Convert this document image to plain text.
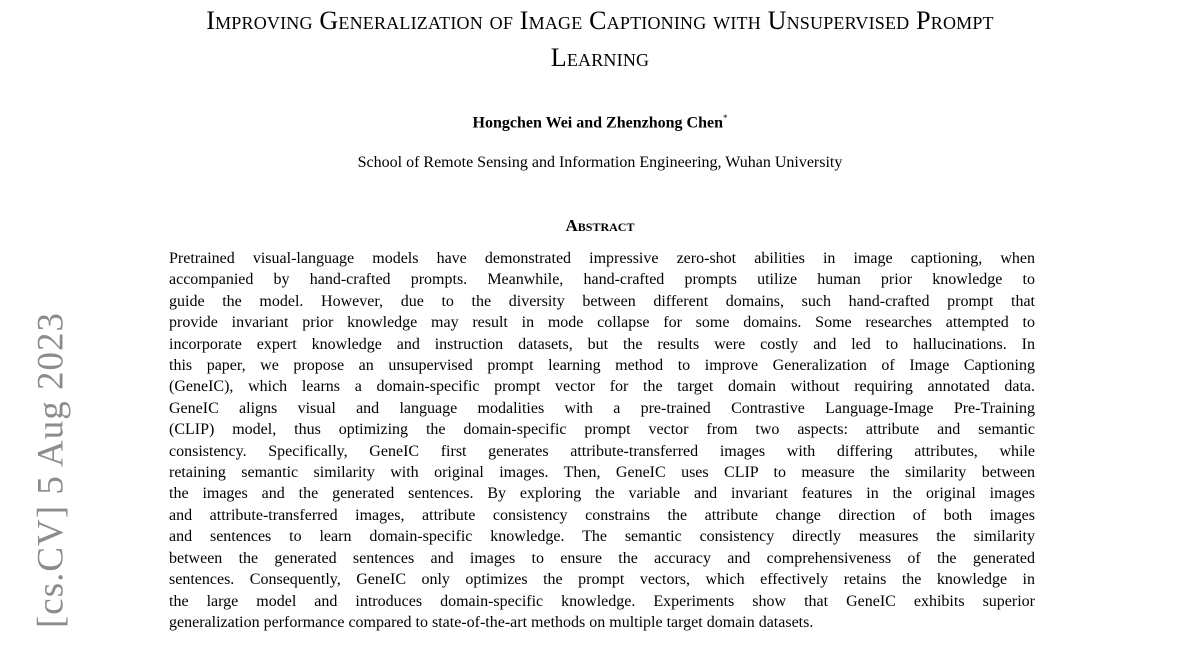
Improving Generalization of Image Captioning with Unsupervised Prompt
Learning
Hongchen Wei and Zhenzhong Chen*
School of Remote Sensing and Information Engineering, Wuhan University
Abstract
Pretrained visual-language models have demonstrated impressive zero-shot abilities in image captioning, when
accompanied by hand-crafted prompts. Meanwhile, hand-crafted prompts utilize human prior knowledge to
guide the model. However, due to the diversity between different domains, such hand-crafted prompt that
provide invariant prior knowledge may result in mode collapse for some domains. Some researches attempted to
incorporate expert knowledge and instruction datasets, but the results were costly and led to hallucinations. In
this paper, we propose an unsupervised prompt learning method to improve Generalization of Image Captioning
(GeneIC), which learns a domain-specific prompt vector for the target domain without requiring annotated data.
GeneIC aligns visual and language modalities with a pre-trained Contrastive Language-Image Pre-Training
(CLIP) model, thus optimizing the domain-specific prompt vector from two aspects: attribute and semantic
consistency. Specifically, GeneIC first generates attribute-transferred images with differing attributes, while
retaining semantic similarity with original images. Then, GeneIC uses CLIP to measure the similarity between
the images and the generated sentences. By exploring the variable and invariant features in the original images
and attribute-transferred images, attribute consistency constrains the attribute change direction of both images
and sentences to learn domain-specific knowledge. The semantic consistency directly measures the similarity
between the generated sentences and images to ensure the accuracy and comprehensiveness of the generated
sentences. Consequently, GeneIC only optimizes the prompt vectors, which effectively retains the knowledge in
the large model and introduces domain-specific knowledge. Experiments show that GeneIC exhibits superior
generalization performance compared to state-of-the-art methods on multiple target domain datasets.
[cs.CV] 5 Aug 2023
